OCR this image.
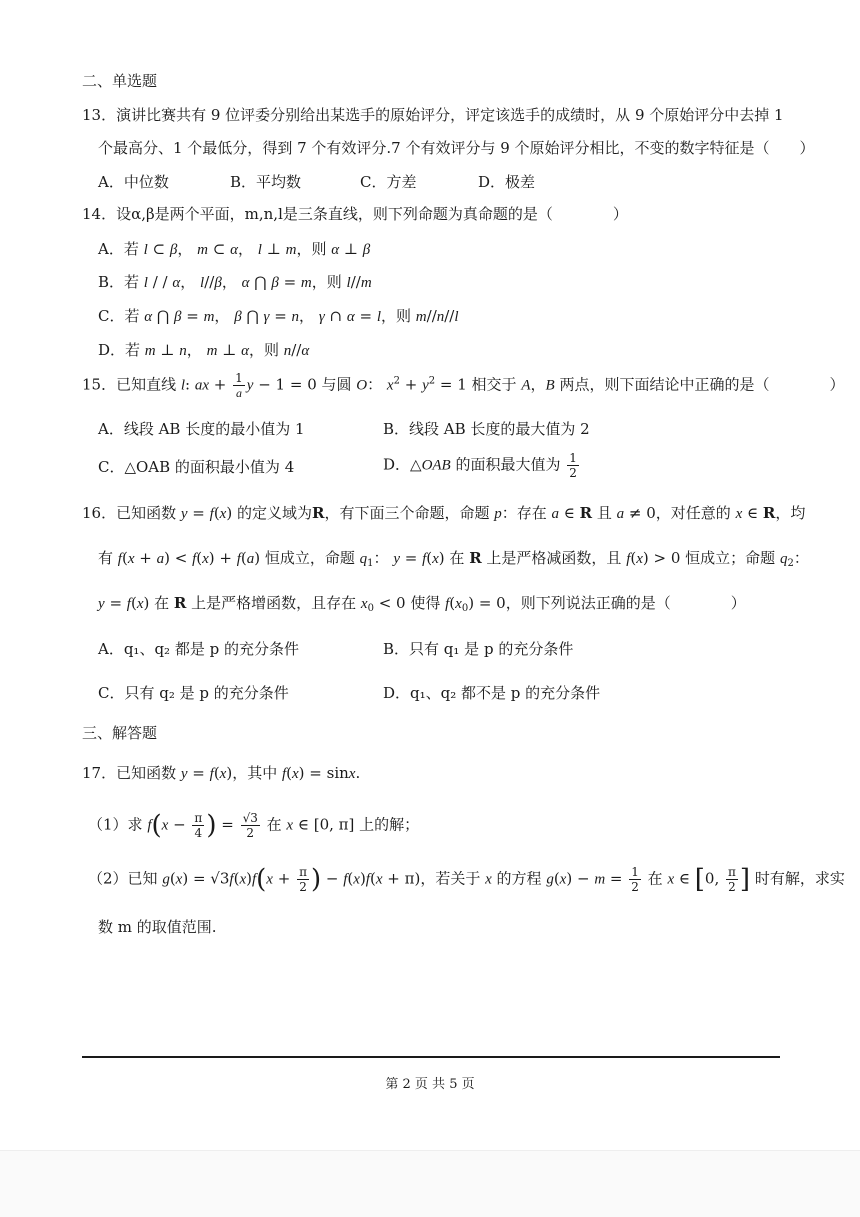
二、单选题
13．演讲比赛共有 9 位评委分别给出某选手的原始评分，评定该选手的成绩时，从 9 个原始评分中去掉 1
个最高分、1 个最低分，得到 7 个有效评分.7 个有效评分与 9 个原始评分相比，不变的数字特征是（　　）
A．中位数	B．平均数	C．方差	D．极差
14．设α,β是两个平面，m,n,l是三条直线，则下列命题为真命题的是（　　　　）
A．若 l ⊂ β， m ⊂ α， l ⊥ m，则 α ⊥ β
B．若 l / / α， l//β， α ⋂ β = m，则 l//m
C．若 α ⋂ β = m， β ⋂ γ = n， γ ∩ α = l，则 m//n//l
D．若 m ⊥ n， m ⊥ α，则 n//α
15．已知直线 l: ax + $\frac{1}{a}$ y − 1 = 0 与圆 O： $x^2 + y^2 = 1$ 相交于 A，B 两点，则下面结论中正确的是（　　　　）
A．线段 AB 长度的最小值为 1	B．线段 AB 长度的最大值为 2
C．△OAB 的面积最小值为 4	D．△OAB 的面积最大值为 $\frac{1}{2}$
16．已知函数 y = f(x) 的定义域为R，有下面三个命题，命题 p：存在 a ∈ R 且 a ≠ 0，对任意的 x ∈ R，均
有 f(x + a) < f(x) + f(a) 恒成立，命题 $q_1$： y = f(x) 在 R 上是严格减函数，且 f(x) > 0 恒成立；命题 $q_2$：
y = f(x) 在 R 上是严格增函数，且存在 $x_0 < 0$ 使得 $f(x_0) = 0$，则下列说法正确的是（　　　　）
A．q₁、q₂ 都是 p 的充分条件	B．只有 q₁ 是 p 的充分条件
C．只有 q₂ 是 p 的充分条件	D．q₁、q₂ 都不是 p 的充分条件
三、解答题
17．已知函数 y = f(x)，其中 f(x) = sinx.
（1）求 $f(x - \frac{\pi}{4}$ ) = $\frac{√3}{2}$ 在 x ∈ [0, π] 上的解；
（2）已知 $g(x) = √3f(x)f(x + \frac{\pi}{2}$ ) − f(x)f(x + π)，若关于 x 的方程 $g(x) - m = \frac{1}{2}$ 在 x ∈ [0, $\frac{\pi}{2}$ ] 时有解，求实
数 m 的取值范围.
第 2 页 共 5 页
